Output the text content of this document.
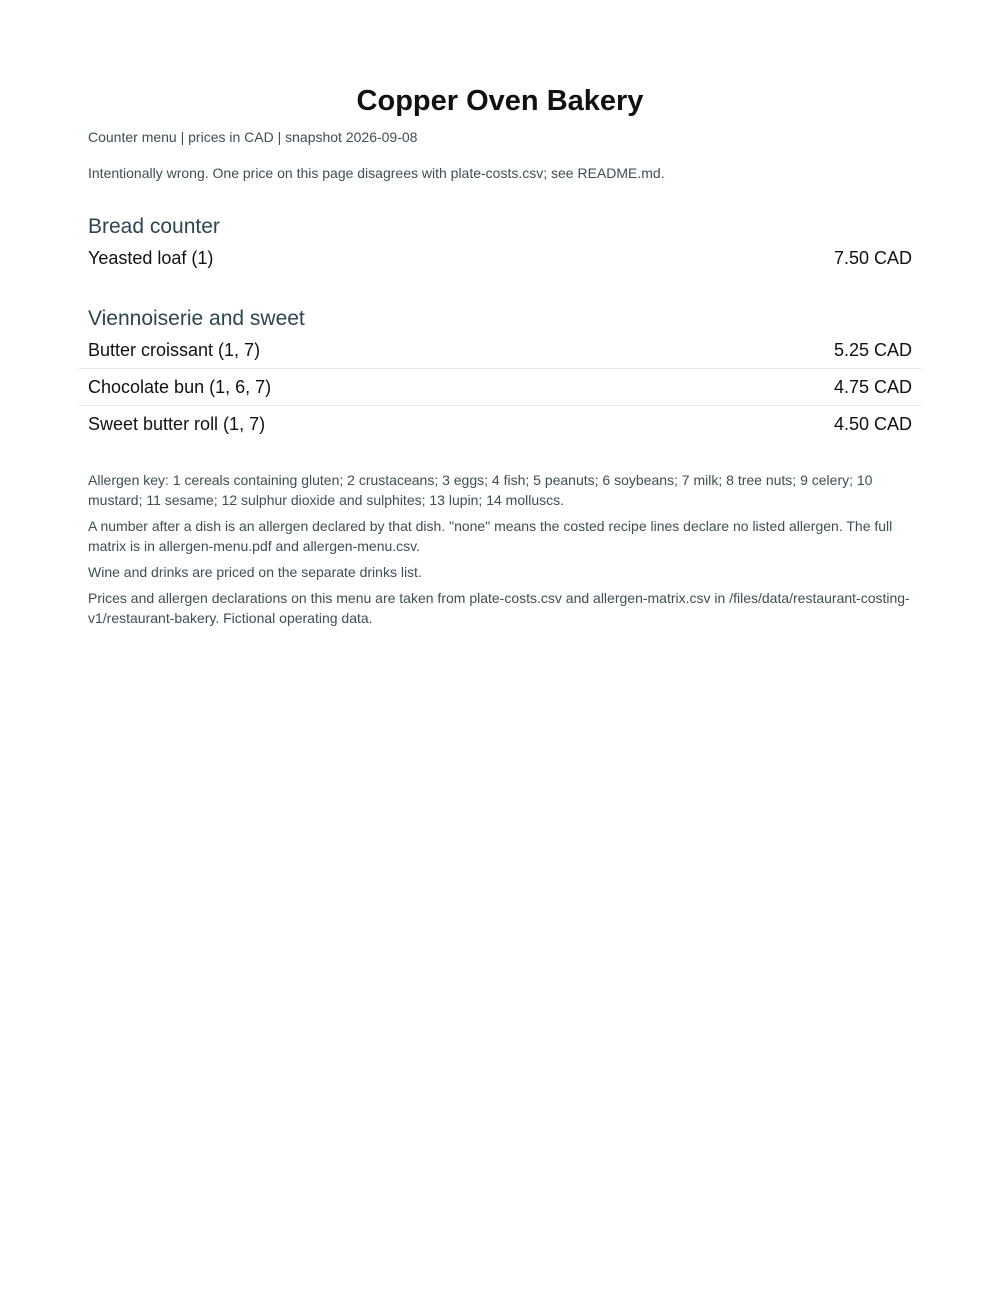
Copper Oven Bakery

Counter menu | prices in CAD | snapshot 2026-09-08

Intentionally wrong. One price on this page disagrees with plate-costs.csv; see README.md.

Bread counter
Yeasted loaf (1)	7.50 CAD
Viennoiserie and sweet
Butter croissant (1, 7)	5.25 CAD
Chocolate bun (1, 6, 7)	4.75 CAD
Sweet butter roll (1, 7)	4.50 CAD

Allergen key: 1 cereals containing gluten; 2 crustaceans; 3 eggs; 4 fish; 5 peanuts; 6 soybeans; 7 milk; 8 tree nuts; 9 celery; 10 mustard; 11 sesame; 12 sulphur dioxide and sulphites; 13 lupin; 14 molluscs.

A number after a dish is an allergen declared by that dish. "none" means the costed recipe lines declare no listed allergen. The full matrix is in allergen-menu.pdf and allergen-menu.csv.

Wine and drinks are priced on the separate drinks list.

Prices and allergen declarations on this menu are taken from plate-costs.csv and allergen-matrix.csv in /files/data/restaurant-costing-v1/restaurant-bakery. Fictional operating data.
